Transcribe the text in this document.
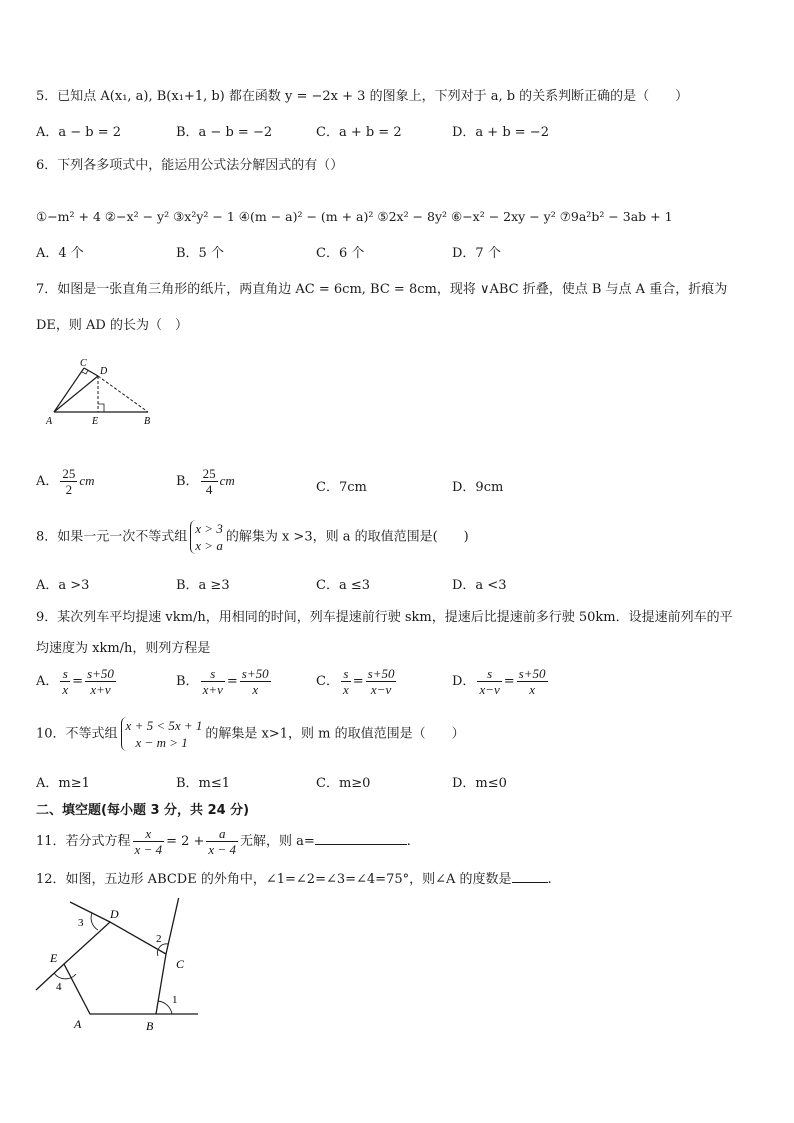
5．已知点 A(x₁, a), B(x₁+1, b) 都在函数 y = −2x + 3 的图象上，下列对于 a, b 的关系判断正确的是（　　）
A．a − b = 2	B．a − b = −2	C．a + b = 2	D．a + b = −2
6．下列各多项式中，能运用公式法分解因式的有（）
①−m² + 4 ②−x² − y² ③x²y² − 1 ④(m − a)² − (m + a)² ⑤2x² − 8y² ⑥−x² − 2xy − y² ⑦9a²b² − 3ab + 1
A．4 个	B．5 个	C．6 个	D．7 个
7．如图是一张直角三角形的纸片，两直角边 AC = 6cm, BC = 8cm，现将 ∨ABC 折叠，使点 B 与点 A 重合，折痕为
DE，则 AD 的长为（　）
A	B
C
D
E
A． $\frac{25}{2}$ cm	B． $\frac{25}{4}$ cm	C．7cm	D．9cm
8．如果一元一次不等式组
x > 3
x > a
的解集为 x >3，则 a 的取值范围是(　　)
A．a >3	B．a ≥3	C．a ≤3	D．a <3
9．某次列车平均提速 vkm/h，用相同的时间，列车提速前行驶 skm，提速后比提速前多行驶 50km．设提速前列车的平
均速度为 xkm/h，则列方程是
A． $\frac{s}{x} = \frac{s+50}{x+v}$	B． $\frac{s}{x+v} = \frac{s+50}{x}$	C． $\frac{s}{x} = \frac{s+50}{x-v}$	D． $\frac{s}{x-v} = \frac{s+50}{x}$
10．不等式组
x + 5 < 5x + 1
x − m > 1
的解集是 x>1，则 m 的取值范围是（　　）
A．m≥1	B．m≤1	C．m≥0	D．m≤0
二、填空题(每小题 3 分，共 24 分)
11．若分式方程 $\frac{x}{x - 4} = 2 + \frac{a}{x - 4}$ 无解，则 a=	.
12．如图，五边形 ABCDE 的外角中，∠1=∠2=∠3=∠4=75°，则∠A 的度数是	.
A	B
C
D
E
1
2
3
4
